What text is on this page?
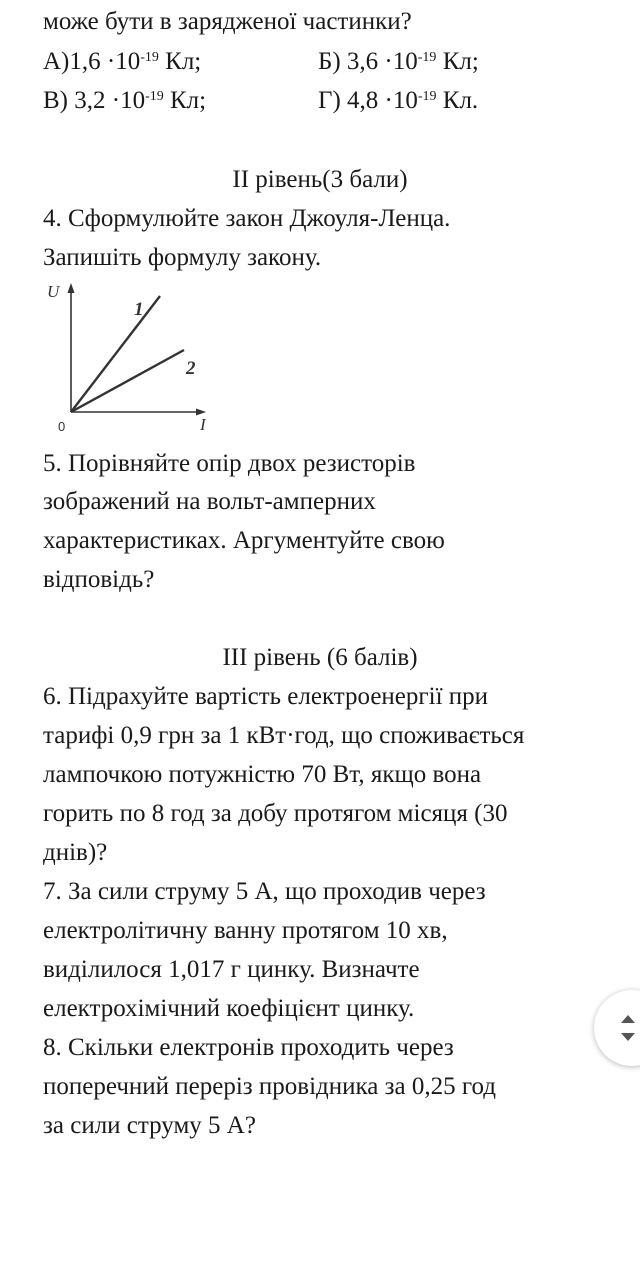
може бути в зарядженої частинки?
$А)1,6 \cdot 10^{-19}$ Кл;	Б) $3,6 \cdot 10^{-19}$ Кл;
В) $3,2 \cdot 10^{-19}$ Кл;	Г) $4,8 \cdot 10^{-19}$ Кл.
ІІ рівень(3 бали)
4. Сформулюйте закон Джоуля-Ленца.
Запишіть формулу закону.
U
I
0
1
2
5. Порівняйте опір двох резисторів
зображений на вольт-амперних
характеристиках. Аргументуйте свою
відповідь?
ІІІ рівень (6 балів)
6. Підрахуйте вартість електроенергії при
тарифі 0,9 грн за 1 кВт·год, що споживається
лампочкою потужністю 70 Вт, якщо вона
горить по 8 год за добу протягом місяця (30
днів)?
7. За сили струму 5 А, що проходив через
електролітичну ванну протягом 10 хв,
виділилося 1,017 г цинку. Визначте
електрохімічний коефіцієнт цинку.
8. Скільки електронів проходить через
поперечний переріз провідника за 0,25 год
за сили струму 5 А?
